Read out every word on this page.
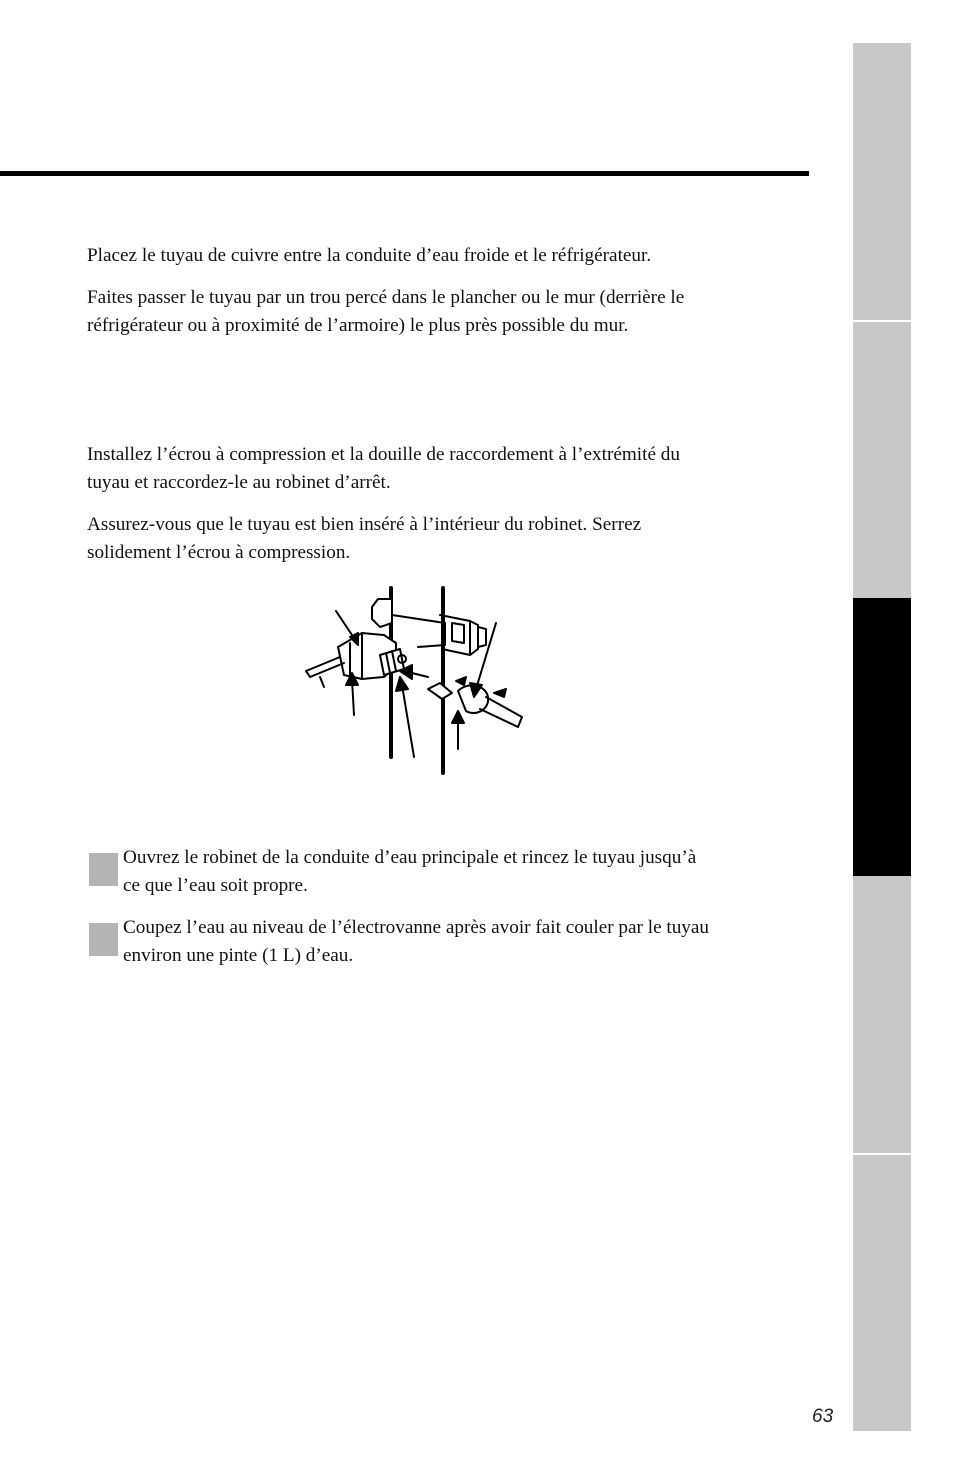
Placez le tuyau de cuivre entre la conduite d’eau froide et le réfrigérateur.

Faites passer le tuyau par un trou percé dans le plancher ou le mur (derrière le
réfrigérateur ou à proximité de l’armoire) le plus près possible du mur.

Installez l’écrou à compression et la douille de raccordement à l’extrémité du
tuyau et raccordez-le au robinet d’arrêt.

Assurez-vous que le tuyau est bien inséré à l’intérieur du robinet. Serrez
solidement l’écrou à compression.

Ouvrez le robinet de la conduite d’eau principale et rincez le tuyau jusqu’à
ce que l’eau soit propre.

Coupez l’eau au niveau de l’électrovanne après avoir fait couler par le tuyau
environ une pinte (1 L) d’eau.

63
